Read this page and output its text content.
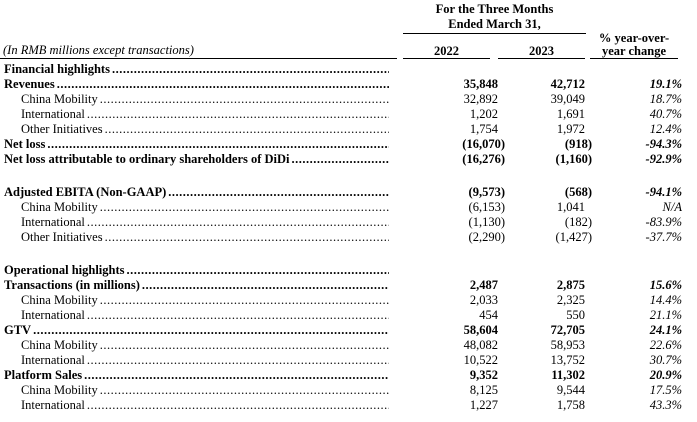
For the Three Months
Ended March 31,
(In RMB millions except transactions)	2022	2023
% year-over-
year change
Financial highlights
.....
Revenues .....	35,848	42,712	19.1%
China Mobility .....	32,892	39,049	18.7%
International .....	1,202	1,691	40.7%
Other Initiatives .....	1,754	1,972	12.4%
Net loss .....	(16,070)	(918)	-94.3%
Net loss attributable to ordinary shareholders of DiDi .....	(16,276)	(1,160)	-92.9%
Adjusted EBITA (Non-GAAP) .....	(9,573)	(568)	-94.1%
China Mobility .....	(6,153)	1,041	N/A
International .....	(1,130)	(182)	-83.9%
Other Initiatives .....	(2,290)	(1,427)	-37.7%
Operational highlights
.....
Transactions (in millions) .....	2,487	2,875	15.6%
China Mobility .....	2,033	2,325	14.4%
International .....	454	550	21.1%
GTV .....	58,604	72,705	24.1%
China Mobility .....	48,082	58,953	22.6%
International .....	10,522	13,752	30.7%
Platform Sales .....	9,352	11,302	20.9%
China Mobility .....	8,125	9,544	17.5%
International .....	1,227	1,758	43.3%
